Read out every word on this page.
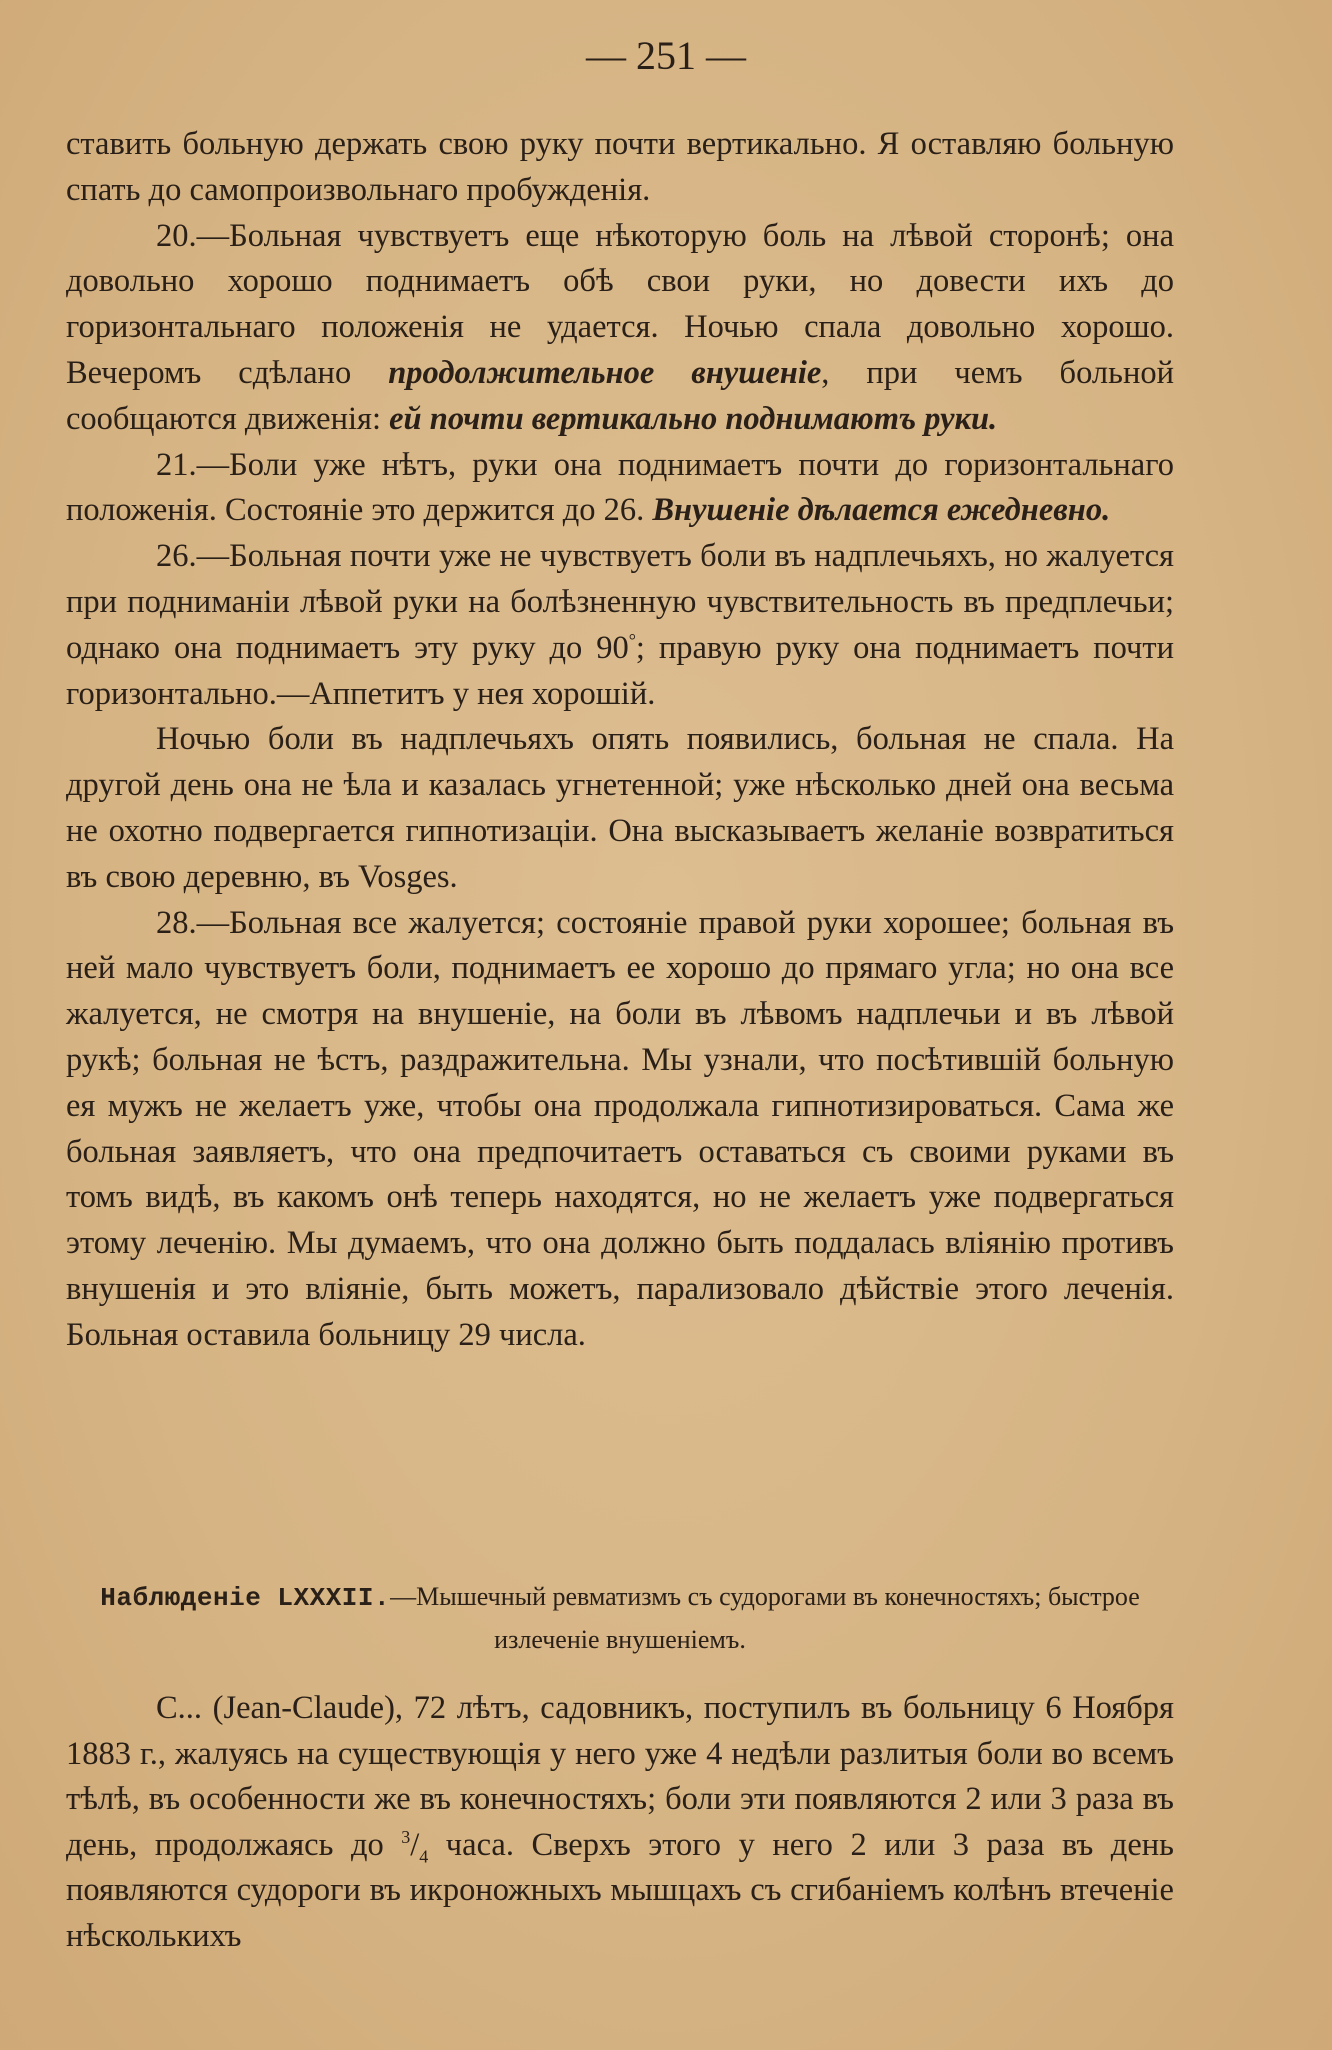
— 251 —

ставить больную держать свою руку почти вертикально. Я оставляю больную спать до самопроизвольнаго пробужденія.

20.—Больная чувствуетъ еще нѣкоторую боль на лѣвой сторонѣ; она довольно хорошо поднимаетъ обѣ свои руки, но довести ихъ до горизонтальнаго положенія не удается. Ночью спала довольно хорошо. Вечеромъ сдѣлано продолжительное внушеніе, при чемъ больной сообщаются движенія: ей почти вертикально поднимаютъ руки.

21.—Боли уже нѣтъ, руки она поднимаетъ почти до горизонтальнаго положенія. Состояніе это держится до 26. Внушеніе дѣлается ежедневно.

26.—Больная почти уже не чувствуетъ боли въ надплечьяхъ, но жалуется при подниманіи лѣвой руки на болѣзненную чувствительность въ предплечьи; однако она поднимаетъ эту руку до 90°; правую руку она поднимаетъ почти горизонтально.—Аппетитъ у нея хорошій.

Ночью боли въ надплечьяхъ опять появились, больная не спала. На другой день она не ѣла и казалась угнетенной; уже нѣсколько дней она весьма не охотно подвергается гипнотизаціи. Она высказываетъ желаніе возвратиться въ свою деревню, въ Vosges.

28.—Больная все жалуется; состояніе правой руки хорошее; больная въ ней мало чувствуетъ боли, поднимаетъ ее хорошо до прямаго угла; но она все жалуется, не смотря на внушеніе, на боли въ лѣвомъ надплечьи и въ лѣвой рукѣ; больная не ѣстъ, раздражительна. Мы узнали, что посѣтившій больную ея мужъ не желаетъ уже, чтобы она продолжала гипнотизироваться. Сама же больная заявляетъ, что она предпочитаетъ оставаться съ своими руками въ томъ видѣ, въ какомъ онѣ теперь находятся, но не желаетъ уже подвергаться этому леченію. Мы думаемъ, что она должно быть поддалась вліянію противъ внушенія и это вліяніе, быть можетъ, парализовало дѣйствіе этого леченія. Больная оставила больницу 29 числа.

Наблюденіе LXXXII.—Мышечный ревматизмъ съ судорогами въ конечностяхъ; быстрое излеченіе внушеніемъ.

С... (Jean-Claude), 72 лѣтъ, садовникъ, поступилъ въ больницу 6 Ноября 1883 г., жалуясь на существующія у него уже 4 недѣли разлитыя боли во всемъ тѣлѣ, въ особенности же въ конечностяхъ; боли эти появляются 2 или 3 раза въ день, продолжаясь до $^3/_4$ часа. Сверхъ этого у него 2 или 3 раза въ день появляются судороги въ икроножныхъ мышцахъ съ сгибаніемъ колѣнъ втеченіе нѣсколькихъ
